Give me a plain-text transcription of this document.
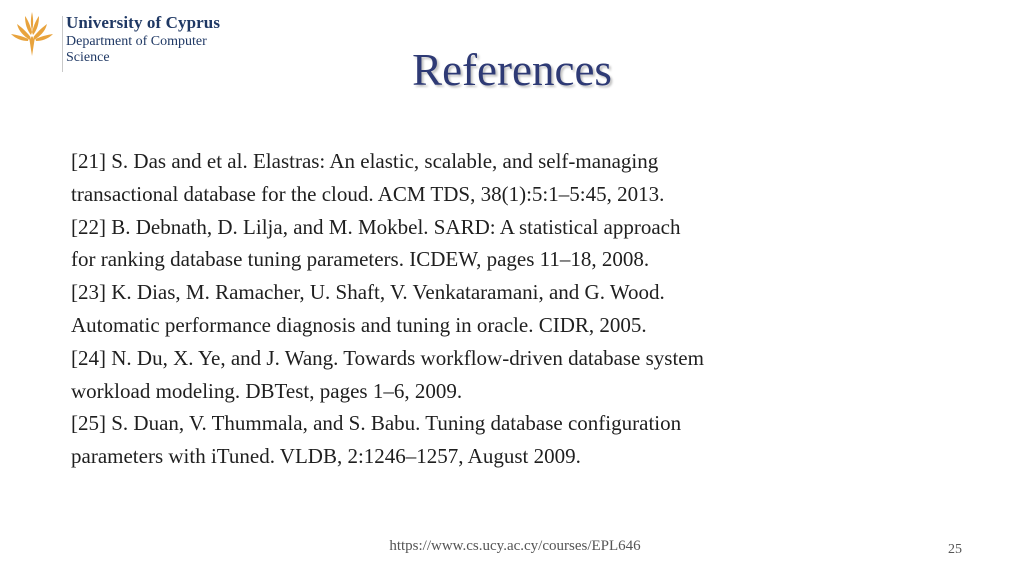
University of Cyprus
Department of Computer
Science	References
[21] S. Das and et al. Elastras: An elastic, scalable, and self-managing
transactional database for the cloud. ACM TDS, 38(1):5:1–5:45, 2013.
[22] B. Debnath, D. Lilja, and M. Mokbel. SARD: A statistical approach
for ranking database tuning parameters. ICDEW, pages 11–18, 2008.
[23] K. Dias, M. Ramacher, U. Shaft, V. Venkataramani, and G. Wood.
Automatic performance diagnosis and tuning in oracle. CIDR, 2005.
[24] N. Du, X. Ye, and J. Wang. Towards workflow-driven database system
workload modeling. DBTest, pages 1–6, 2009.
[25] S. Duan, V. Thummala, and S. Babu. Tuning database configuration
parameters with iTuned. VLDB, 2:1246–1257, August 2009.
https://www.cs.ucy.ac.cy/courses/EPL646	25
